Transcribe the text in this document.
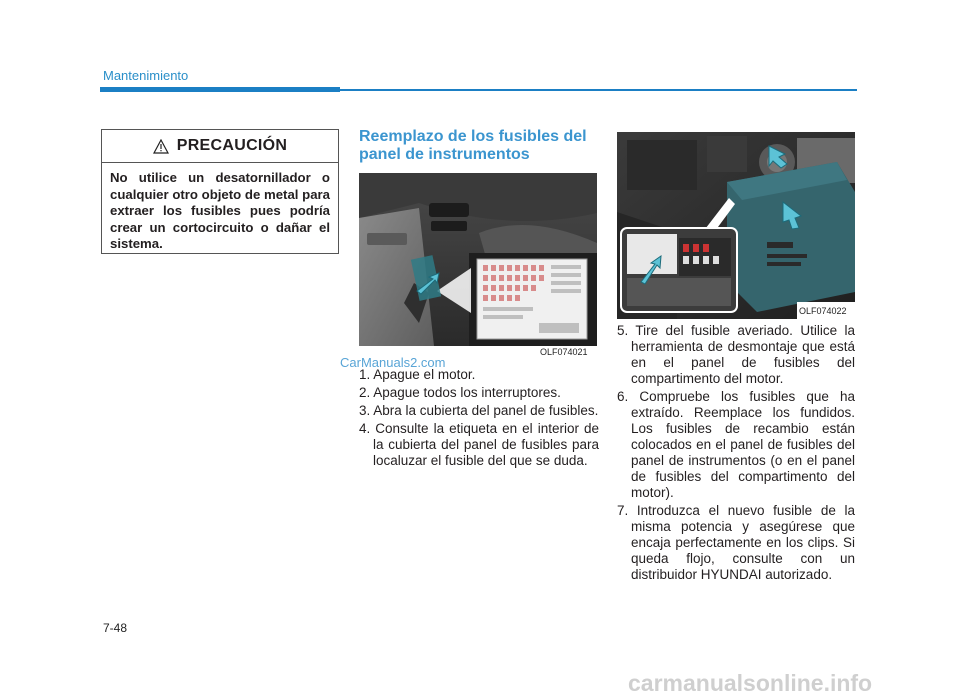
Mantenimiento
PRECAUCIÓN
No utilice un desatornillador o cualquier otro objeto de metal para extraer los fusibles pues podría crear un cortocircuito o dañar el sistema.
Reemplazo de los fusibles del panel de instrumentos
OLF074021
OLF074022
CarManuals2.com
1. Apague el motor.
2. Apague todos los interruptores.
3. Abra la cubierta del panel de fusibles.
4. Consulte la etiqueta en el interior de la cubierta del panel de fusibles para localuzar el fusible del que se duda.
5. Tire del fusible averiado. Utilice la herramienta de desmontaje que está en el panel de fusibles del compartimento del motor.
6. Compruebe los fusibles que ha extraído. Reemplace los fundidos. Los fusibles de recambio están colocados en el panel de fusibles del panel de instrumentos (o en el panel de fusibles del compartimento del motor).
7. Introduzca el nuevo fusible de la misma potencia y asegúrese que encaja perfectamente en los clips. Si queda flojo, consulte con un distribuidor HYUNDAI autorizado.
7-48
carmanualsonline.info
